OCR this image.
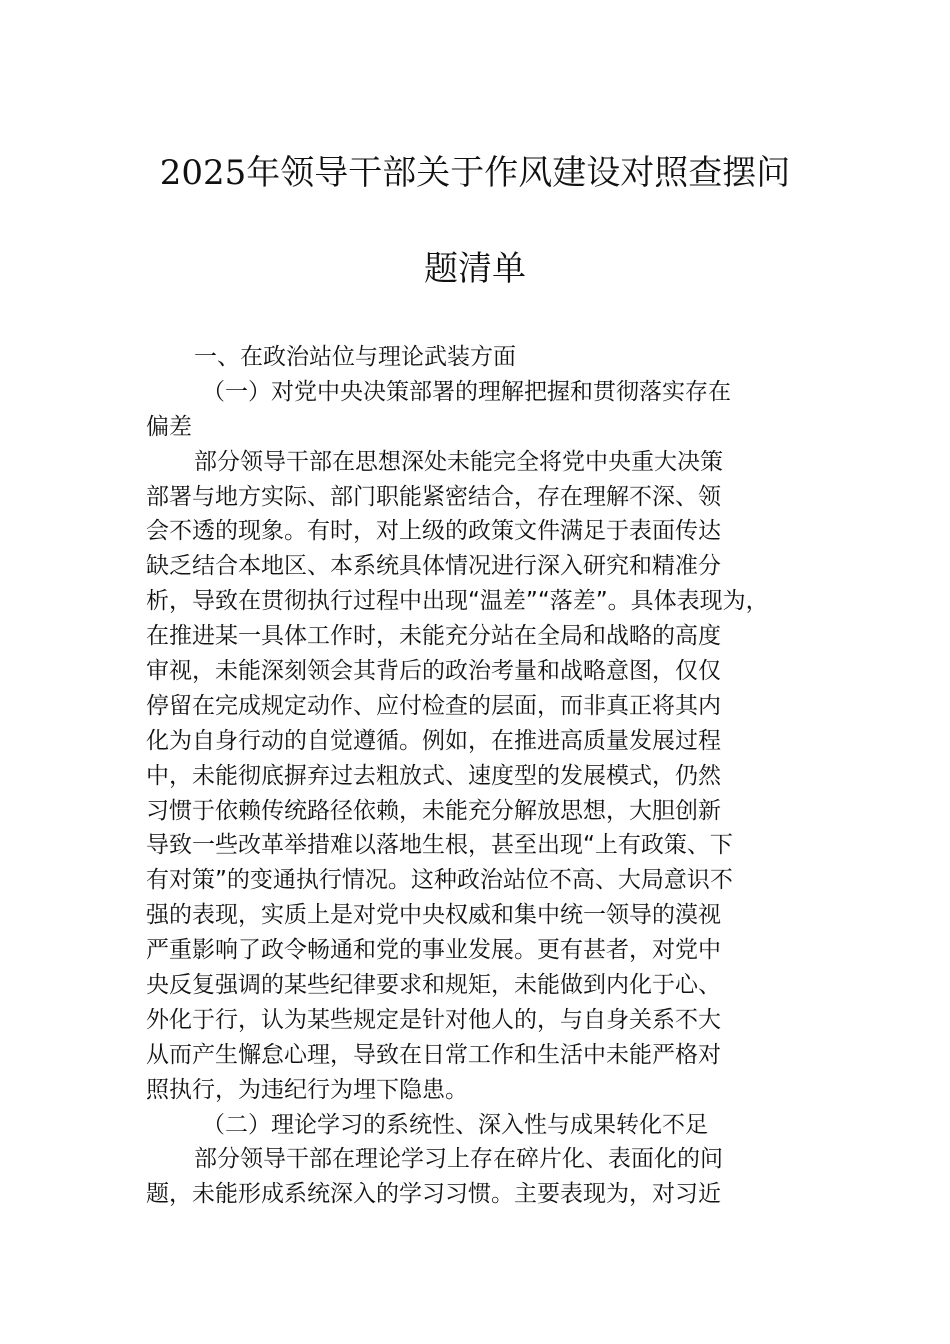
2025年领导干部关于作风建设对照查摆问
题清单
一、在政治站位与理论武装方面
（一）对党中央决策部署的理解把握和贯彻落实存在
偏差
部分领导干部在思想深处未能完全将党中央重大决策
部署与地方实际、部门职能紧密结合，存在理解不深、领
会不透的现象。有时，对上级的政策文件满足于表面传达
缺乏结合本地区、本系统具体情况进行深入研究和精准分
析，导致在贯彻执行过程中出现“温差”“落差”。具体表现为，
在推进某一具体工作时，未能充分站在全局和战略的高度
审视，未能深刻领会其背后的政治考量和战略意图，仅仅
停留在完成规定动作、应付检查的层面，而非真正将其内
化为自身行动的自觉遵循。例如，在推进高质量发展过程
中，未能彻底摒弃过去粗放式、速度型的发展模式，仍然
习惯于依赖传统路径依赖，未能充分解放思想，大胆创新
导致一些改革举措难以落地生根，甚至出现“上有政策、下
有对策”的变通执行情况。这种政治站位不高、大局意识不
强的表现，实质上是对党中央权威和集中统一领导的漠视
严重影响了政令畅通和党的事业发展。更有甚者，对党中
央反复强调的某些纪律要求和规矩，未能做到内化于心、
外化于行，认为某些规定是针对他人的，与自身关系不大
从而产生懈怠心理，导致在日常工作和生活中未能严格对
照执行，为违纪行为埋下隐患。
（二）理论学习的系统性、深入性与成果转化不足
部分领导干部在理论学习上存在碎片化、表面化的问
题，未能形成系统深入的学习习惯。主要表现为，对习近
